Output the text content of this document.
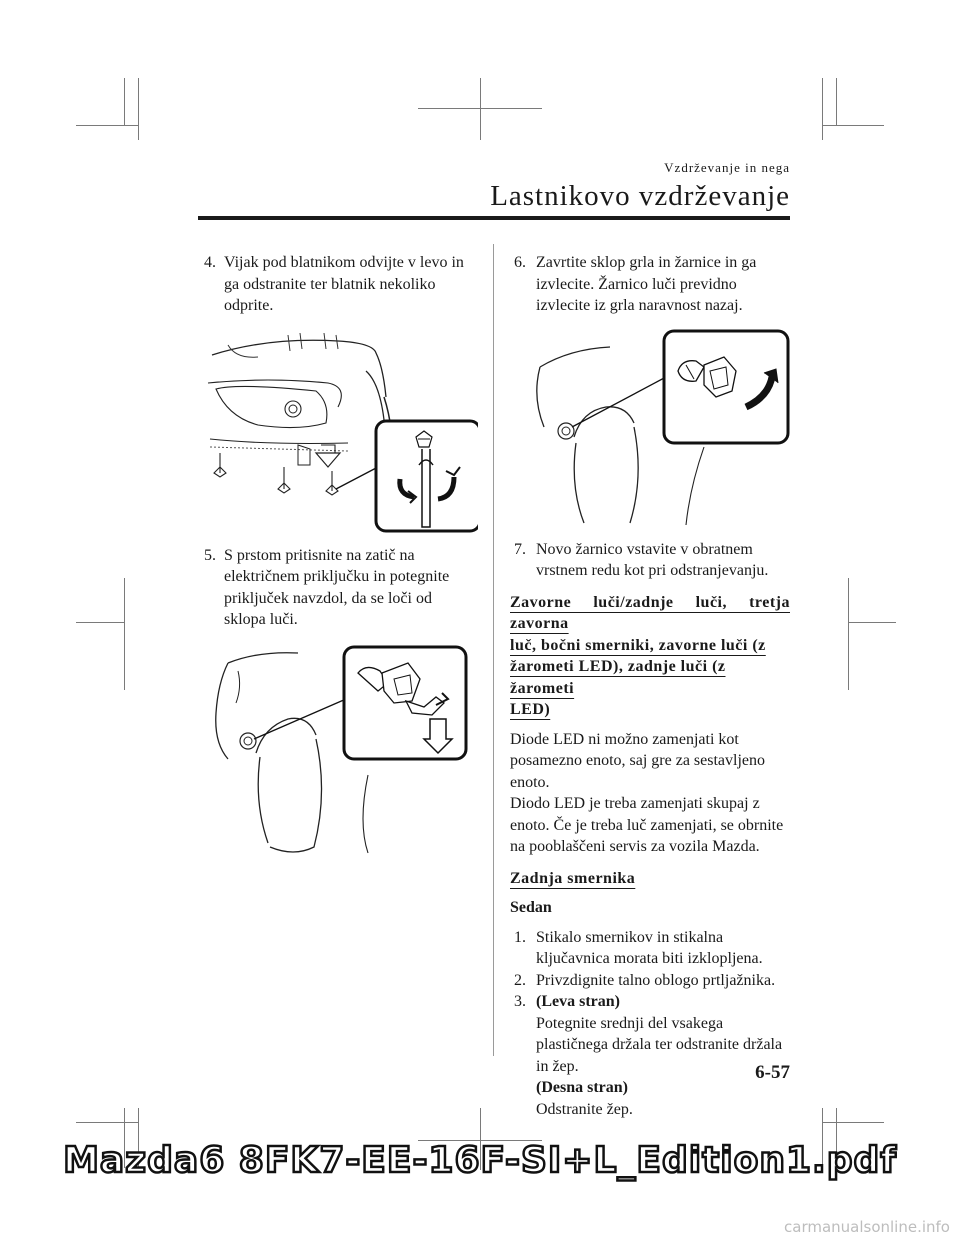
Vzdrževanje in nega
Lastnikovo vzdrževanje
4. Vijak pod blatnikom odvijte v levo in
ga odstranite ter blatnik nekoliko
odprite.
5. S prstom pritisnite na zatič na
električnem priključku in potegnite
priključek navzdol, da se loči od
sklopa luči.
6. Zavrtite sklop grla in žarnice in ga
izvlecite. Žarnico luči previdno
izvlecite iz grla naravnost nazaj.
7. Novo žarnico vstavite v obratnem
vrstnem redu kot pri odstranjevanju.
Zavorne luči/zadnje luči, tretja zavorna
luč, bočni smerniki, zavorne luči (z
žarometi LED), zadnje luči (z žarometi
LED)
Diode LED ni možno zamenjati kot
posamezno enoto, saj gre za sestavljeno
enoto.
Diodo LED je treba zamenjati skupaj z
enoto. Če je treba luč zamenjati, se obrnite
na pooblaščeni servis za vozila Mazda.
Zadnja smernika
Sedan
1. Stikalo smernikov in stikalna
ključavnica morata biti izklopljena.
2. Privzdignite talno oblogo prtljažnika.
3. (Leva stran)
Potegnite srednji del vsakega
plastičnega držala ter odstranite držala
in žep.
(Desna stran)
Odstranite žep.
6-57
Mazda6 8FK7-EE-16F-SI+L_Edition1.pdf
carmanualsonline.info
